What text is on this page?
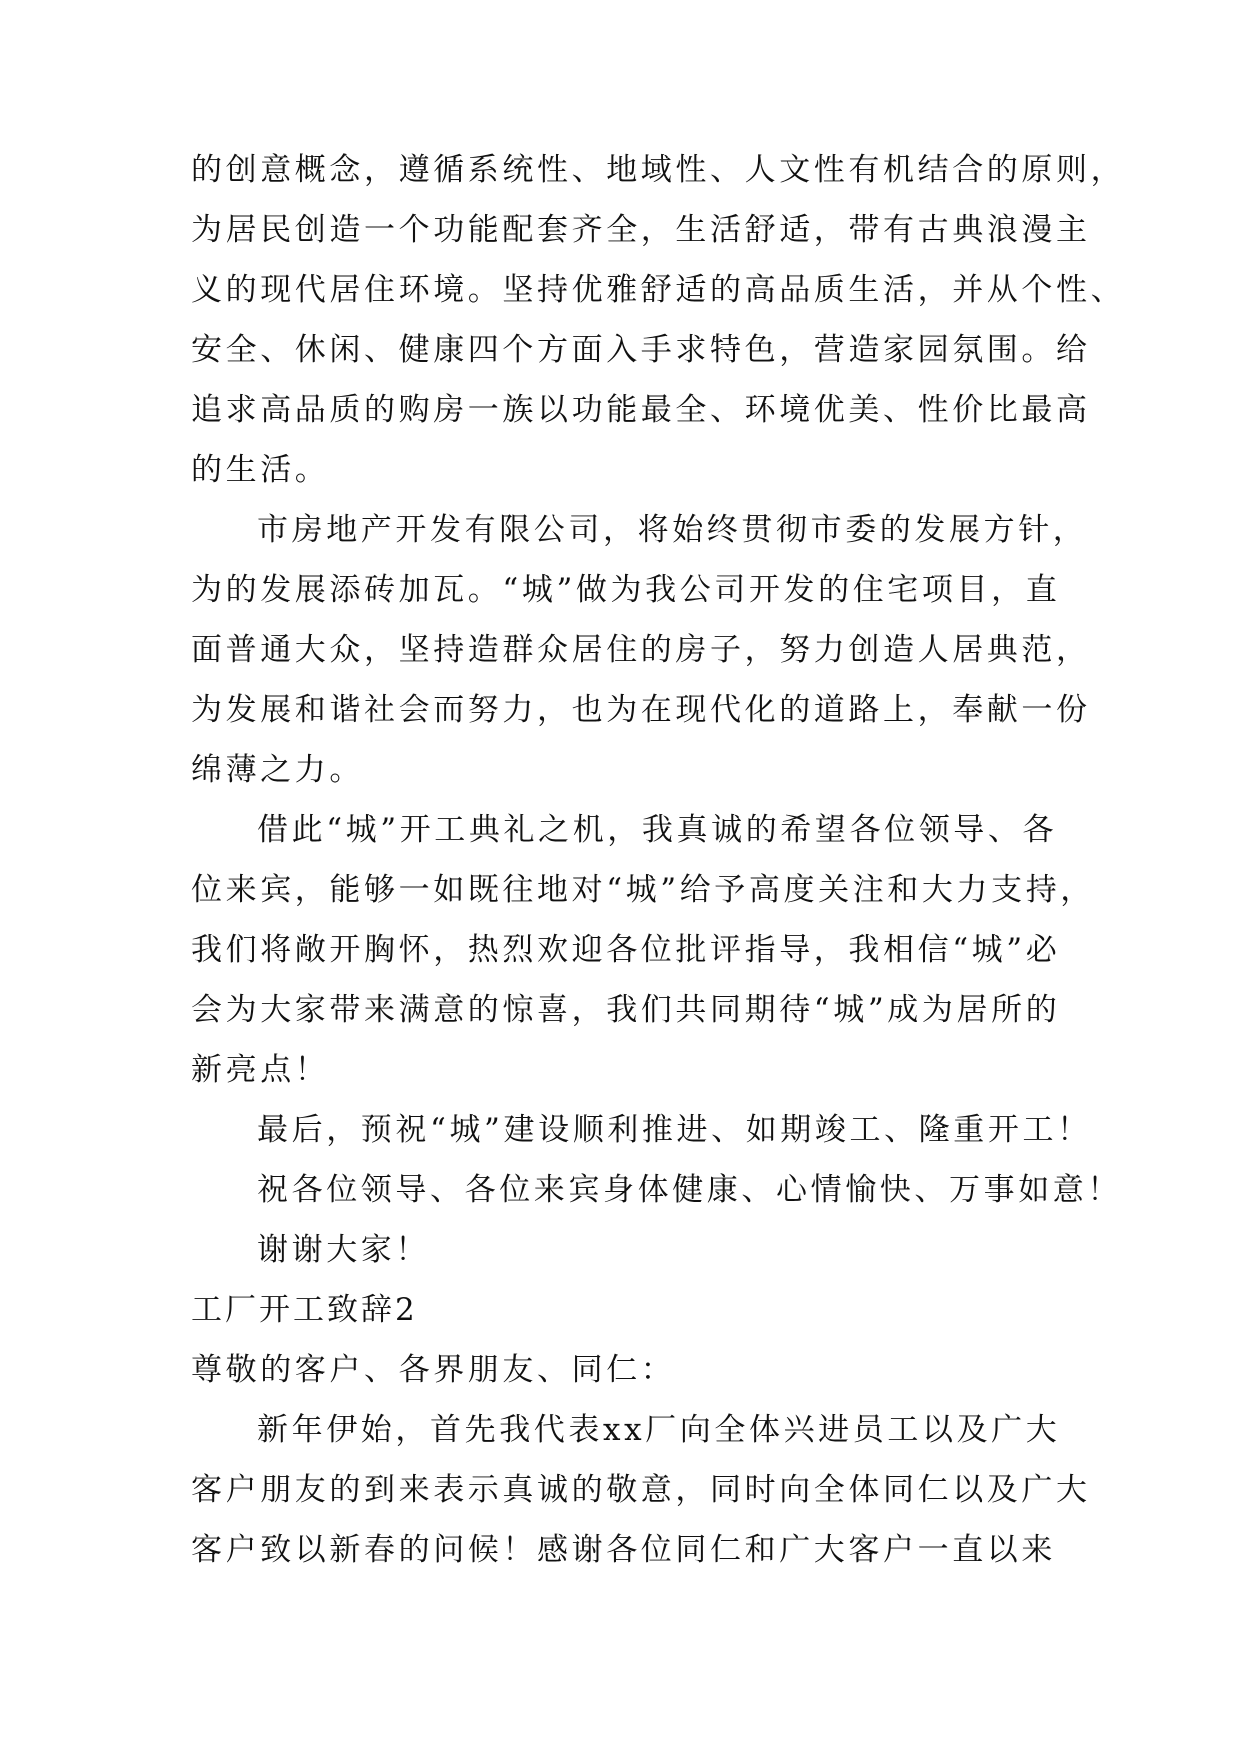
的创意概念，遵循系统性、地域性、人文性有机结合的原则，
为居民创造一个功能配套齐全，生活舒适，带有古典浪漫主
义的现代居住环境。坚持优雅舒适的高品质生活，并从个性、
安全、休闲、健康四个方面入手求特色，营造家园氛围。给
追求高品质的购房一族以功能最全、环境优美、性价比最高
的生活。
市房地产开发有限公司，将始终贯彻市委的发展方针，
为的发展添砖加瓦。“城”做为我公司开发的住宅项目，直
面普通大众，坚持造群众居住的房子，努力创造人居典范，
为发展和谐社会而努力，也为在现代化的道路上，奉献一份
绵薄之力。
借此“城”开工典礼之机，我真诚的希望各位领导、各
位来宾，能够一如既往地对“城”给予高度关注和大力支持，
我们将敞开胸怀，热烈欢迎各位批评指导，我相信“城”必
会为大家带来满意的惊喜，我们共同期待“城”成为居所的
新亮点！
最后，预祝“城”建设顺利推进、如期竣工、隆重开工！
祝各位领导、各位来宾身体健康、心情愉快、万事如意！
谢谢大家！
工厂开工致辞2
尊敬的客户、各界朋友、同仁：
新年伊始，首先我代表xx厂向全体兴进员工以及广大
客户朋友的到来表示真诚的敬意，同时向全体同仁以及广大
客户致以新春的问候！感谢各位同仁和广大客户一直以来
